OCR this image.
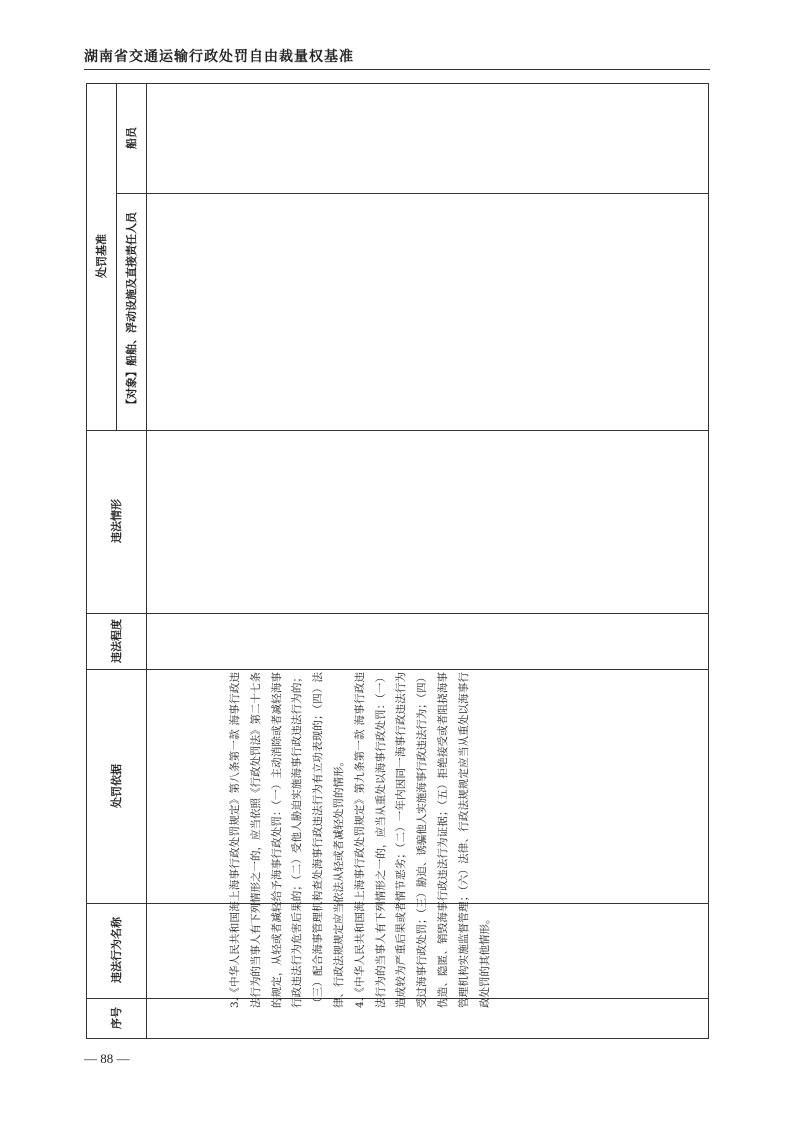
湖南省交通运输行政处罚自由裁量权基准
处罚基准
船员
【对象】船舶、浮动设施及直接责任人员
违法情形
违法程度
处罚依据
违法行为名称
序号

3.《中华人民共和国海上海事行政处罚规定》第八条第一款 海事行政违法行为的当事人有下列情形之一的，应当依照《行政处罚法》第二十七条的规定，从轻或者减轻给予海事行政处罚：（一）主动消除或者减轻海事行政违法行为危害后果的；（二）受他人胁迫实施海事行政违法行为的；（三）配合海事管理机构查处海事行政违法行为有立功表现的；（四）法律、行政法规规定应当依法从轻或者减轻处罚的情形。 4.《中华人民共和国海上海事行政处罚规定》第九条第一款 海事行政违法行为的当事人有下列情形之一的，应当从重处以海事行政处罚：（一）造成较为严重后果或者情节恶劣；（二）一年内因同一海事行政违法行为受过海事行政处罚；（三）胁迫、诱骗他人实施海事行政违法行为；（四）伪造、隐匿、销毁海事行政违法行为证据；（五）拒绝接受或者阻挠海事管理机构实施监督管理；（六）法律、行政法规规定应当从重处以海事行政处罚的其他情形。

— 88 —
